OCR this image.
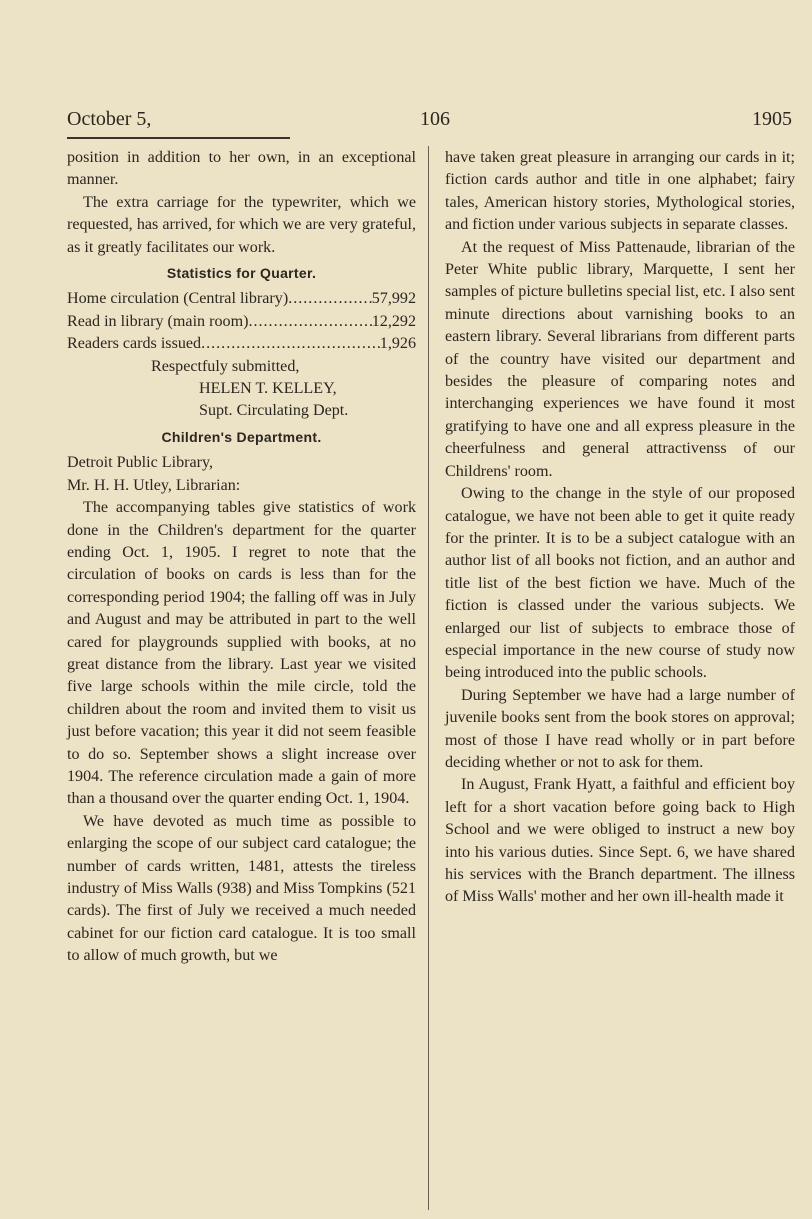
October 5,	106	1905

position in addition to her own, in an exceptional manner.

The extra carriage for the typewriter, which we requested, has arrived, for which we are very grateful, as it greatly facilitates our work.

Statistics for Quarter.
Home circulation (Central library) .....	57,992
Read in library (main room) .....	12,292
Readers cards issued .....	1,926

Respectfuly submitted,

HELEN T. KELLEY,

Supt. Circulating Dept.

Children's Department.

Detroit Public Library,

Mr. H. H. Utley, Librarian:

The accompanying tables give statistics of work done in the Children's department for the quarter ending Oct. 1, 1905. I regret to note that the circulation of books on cards is less than for the corresponding period 1904; the falling off was in July and August and may be attributed in part to the well cared for playgrounds supplied with books, at no great distance from the library. Last year we visited five large schools within the mile circle, told the children about the room and invited them to visit us just before vacation; this year it did not seem feasible to do so. September shows a slight increase over 1904. The reference circulation made a gain of more than a thousand over the quarter ending Oct. 1, 1904.

We have devoted as much time as possible to enlarging the scope of our subject card catalogue; the number of cards written, 1481, attests the tireless industry of Miss Walls (938) and Miss Tompkins (521 cards). The first of July we received a much needed cabinet for our fiction card catalogue. It is too small to allow of much growth, but we

have taken great pleasure in arranging our cards in it; fiction cards author and title in one alphabet; fairy tales, American history stories, Mythological stories, and fiction under various subjects in separate classes.

At the request of Miss Pattenaude, librarian of the Peter White public library, Marquette, I sent her samples of picture bulletins special list, etc. I also sent minute directions about varnishing books to an eastern library. Several librarians from different parts of the country have visited our department and besides the pleasure of comparing notes and interchanging experiences we have found it most gratifying to have one and all express pleasure in the cheerfulness and general attractivenss of our Childrens' room.

Owing to the change in the style of our proposed catalogue, we have not been able to get it quite ready for the printer. It is to be a subject catalogue with an author list of all books not fiction, and an author and title list of the best fiction we have. Much of the fiction is classed under the various subjects. We enlarged our list of subjects to embrace those of especial importance in the new course of study now being introduced into the public schools.

During September we have had a large number of juvenile books sent from the book stores on approval; most of those I have read wholly or in part before deciding whether or not to ask for them.

In August, Frank Hyatt, a faithful and efficient boy left for a short vacation before going back to High School and we were obliged to instruct a new boy into his various duties. Since Sept. 6, we have shared his services with the Branch department. The illness of Miss Walls' mother and her own ill-health made it
